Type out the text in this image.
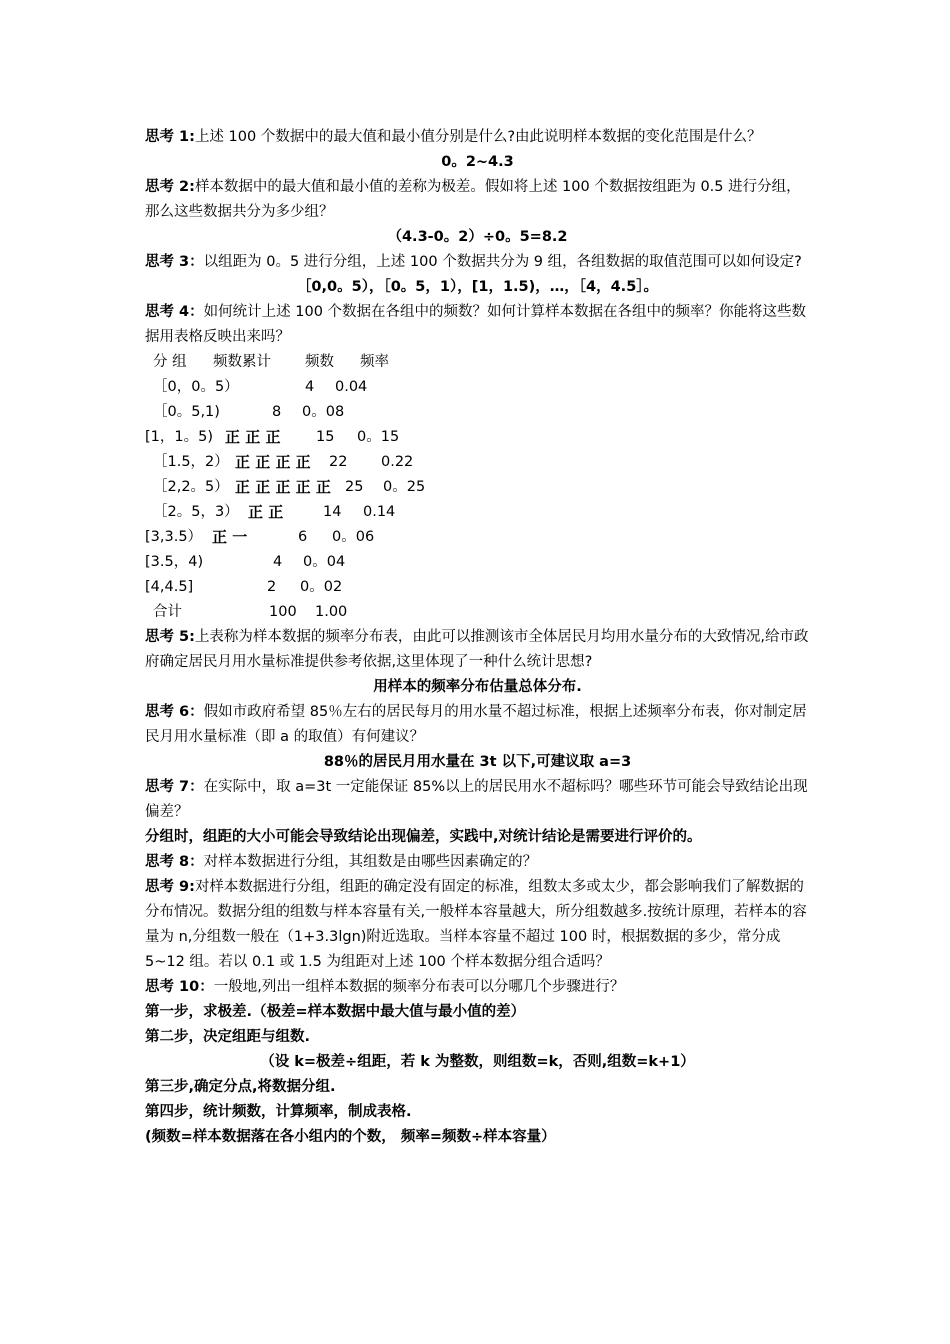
思考 1:上述 100 个数据中的最大值和最小值分别是什么?由此说明样本数据的变化范围是什么？

0。2~4.3

思考 2:样本数据中的最大值和最小值的差称为极差。假如将上述 100 个数据按组距为 0.5 进行分组，那么这些数据共分为多少组？

（4.3-0。2）÷0。5=8.2

思考 3：以组距为 0。5 进行分组，上述 100 个数据共分为 9 组，各组数据的取值范围可以如何设定?

［0,0。5），［0。5，1），[1，1.5)，…，［4，4.5］。

思考 4：如何统计上述 100 个数据在各组中的频数？如何计算样本数据在各组中的频率？你能将这些数据用表格反映出来吗？

分 组 频数累计 频数 频率
［0，0。5）	4 0.04
［0。5,1)	8 0。08
[1，1。5) 正 正 正 15 0。15
［1.5，2） 正 正 正 正 22 0.22
［2,2。5） 正 正 正 正 正 25 0。25
［2。5，3） 正 正	14 0.14
[3,3.5） 正 一	6 0。06
[3.5，4)	4 0。04
[4,4.5]	2 0。02
合计	100 1.00

思考 5:上表称为样本数据的频率分布表，由此可以推测该市全体居民月均用水量分布的大致情况,给市政府确定居民月用水量标准提供参考依据,这里体现了一种什么统计思想?

用样本的频率分布估量总体分布.

思考 6：假如市政府希望 85％左右的居民每月的用水量不超过标准，根据上述频率分布表，你对制定居民月用水量标准（即 a 的取值）有何建议？

88％的居民月用水量在 3t 以下,可建议取 a=3

思考 7：在实际中，取 a=3t 一定能保证 85%以上的居民用水不超标吗？哪些环节可能会导致结论出现偏差？

分组时，组距的大小可能会导致结论出现偏差，实践中,对统计结论是需要进行评价的。

思考 8：对样本数据进行分组，其组数是由哪些因素确定的？

思考 9:对样本数据进行分组，组距的确定没有固定的标准，组数太多或太少，都会影响我们了解数据的分布情况。数据分组的组数与样本容量有关,一般样本容量越大，所分组数越多.按统计原理，若样本的容量为 n,分组数一般在（1+3.3lgn)附近选取。当样本容量不超过 100 时，根据数据的多少，常分成 5~12 组。若以 0.1 或 1.5 为组距对上述 100 个样本数据分组合适吗？

思考 10：一般地,列出一组样本数据的频率分布表可以分哪几个步骤进行？

第一步，求极差.（极差=样本数据中最大值与最小值的差）

第二步，决定组距与组数.

（设 k=极差÷组距，若 k 为整数，则组数=k，否则,组数=k+1）

第三步,确定分点,将数据分组.

第四步，统计频数，计算频率，制成表格.

(频数=样本数据落在各小组内的个数， 频率=频数÷样本容量）
